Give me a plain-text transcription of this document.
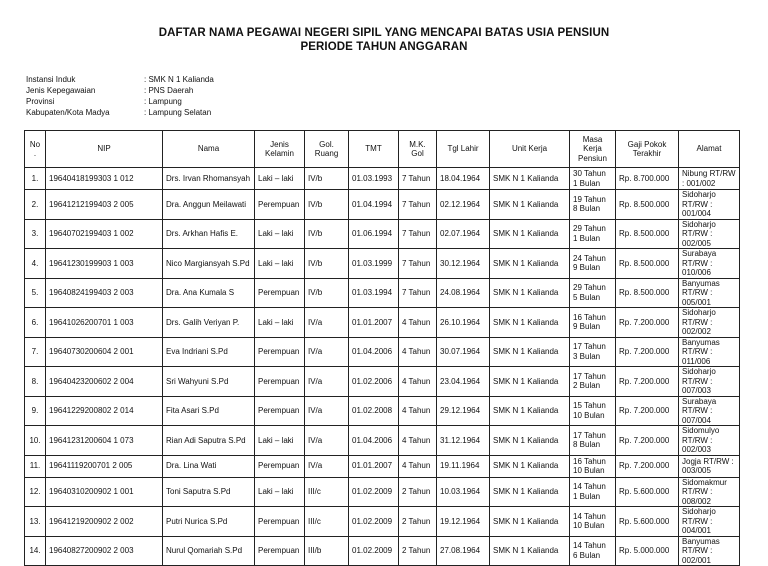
DAFTAR NAMA PEGAWAI NEGERI SIPIL YANG MENCAPAI BATAS USIA PENSIUN
PERIODE TAHUN ANGGARAN
Instansi Induk	: SMK N 1 Kalianda
Jenis Kepegawaian	: PNS Daerah
Provinsi	: Lampung
Kabupaten/Kota Madya	: Lampung Selatan
No .	NIP	Nama	Jenis Kelamin	Gol. Ruang	TMT	M.K. Gol	Tgl Lahir	Unit Kerja	Masa Kerja Pensiun	Gaji Pokok Terakhir	Alamat
1.	19640418199303 1 012	Drs. Irvan Rhomansyah	Laki – laki	IV/b	01.03.1993	7 Tahun	18.04.1964	SMK N 1 Kalianda	30 Tahun 1 Bulan	Rp. 8.700.000	Nibung RT/RW : 001/002
2.	19641212199403 2 005	Dra. Anggun Meilawati	Perempuan	IV/b	01.04.1994	7 Tahun	02.12.1964	SMK N 1 Kalianda	19 Tahun 8 Bulan	Rp. 8.500.000	Sidoharjo RT/RW : 001/004
3.	19640702199403 1 002	Drs. Arkhan Hafis E.	Laki – laki	IV/b	01.06.1994	7 Tahun	02.07.1964	SMK N 1 Kalianda	29 Tahun 1 Bulan	Rp. 8.500.000	Sidoharjo RT/RW : 002/005
4.	19641230199903 1 003	Nico Margiansyah S.Pd	Laki – laki	IV/b	01.03.1999	7 Tahun	30.12.1964	SMK N 1 Kalianda	24 Tahun 9 Bulan	Rp. 8.500.000	Surabaya RT/RW : 010/006
5.	19640824199403 2 003	Dra. Ana Kumala S	Perempuan	IV/b	01.03.1994	7 Tahun	24.08.1964	SMK N 1 Kalianda	29 Tahun 5 Bulan	Rp. 8.500.000	Banyumas RT/RW : 005/001
6.	19641026200701 1 003	Drs. Galih Veriyan P.	Laki – laki	IV/a	01.01.2007	4 Tahun	26.10.1964	SMK N 1 Kalianda	16 Tahun 9 Bulan	Rp. 7.200.000	Sidoharjo RT/RW : 002/002
7.	19640730200604 2 001	Eva Indriani S.Pd	Perempuan	IV/a	01.04.2006	4 Tahun	30.07.1964	SMK N 1 Kalianda	17 Tahun 3 Bulan	Rp. 7.200.000	Banyumas RT/RW : 011/006
8.	19640423200602 2 004	Sri Wahyuni S.Pd	Perempuan	IV/a	01.02.2006	4 Tahun	23.04.1964	SMK N 1 Kalianda	17 Tahun 2 Bulan	Rp. 7.200.000	Sidoharjo RT/RW : 007/003
9.	19641229200802 2 014	Fita Asari S.Pd	Perempuan	IV/a	01.02.2008	4 Tahun	29.12.1964	SMK N 1 Kalianda	15 Tahun 10 Bulan	Rp. 7.200.000	Surabaya RT/RW : 007/004
10.	19641231200604 1 073	Rian Adi Saputra S.Pd	Laki – laki	IV/a	01.04.2006	4 Tahun	31.12.1964	SMK N 1 Kalianda	17 Tahun 8 Bulan	Rp. 7.200.000	Sidomulyo RT/RW : 002/003
11.	19641119200701 2 005	Dra. Lina Wati	Perempuan	IV/a	01.01.2007	4 Tahun	19.11.1964	SMK N 1 Kalianda	16 Tahun 10 Bulan	Rp. 7.200.000	Jogja RT/RW : 003/005
12.	19640310200902 1 001	Toni Saputra S.Pd	Laki – laki	III/c	01.02.2009	2 Tahun	10.03.1964	SMK N 1 Kalianda	14 Tahun 1 Bulan	Rp. 5.600.000	Sidomakmur RT/RW : 008/002
13.	19641219200902 2 002	Putri Nurica S.Pd	Perempuan	III/c	01.02.2009	2 Tahun	19.12.1964	SMK N 1 Kalianda	14 Tahun 10 Bulan	Rp. 5.600.000	Sidoharjo RT/RW : 004/001
14.	19640827200902 2 003	Nurul Qomariah S.Pd	Perempuan	III/b	01.02.2009	2 Tahun	27.08.1964	SMK N 1 Kalianda	14 Tahun 6 Bulan	Rp. 5.000.000	Banyumas RT/RW : 002/001
